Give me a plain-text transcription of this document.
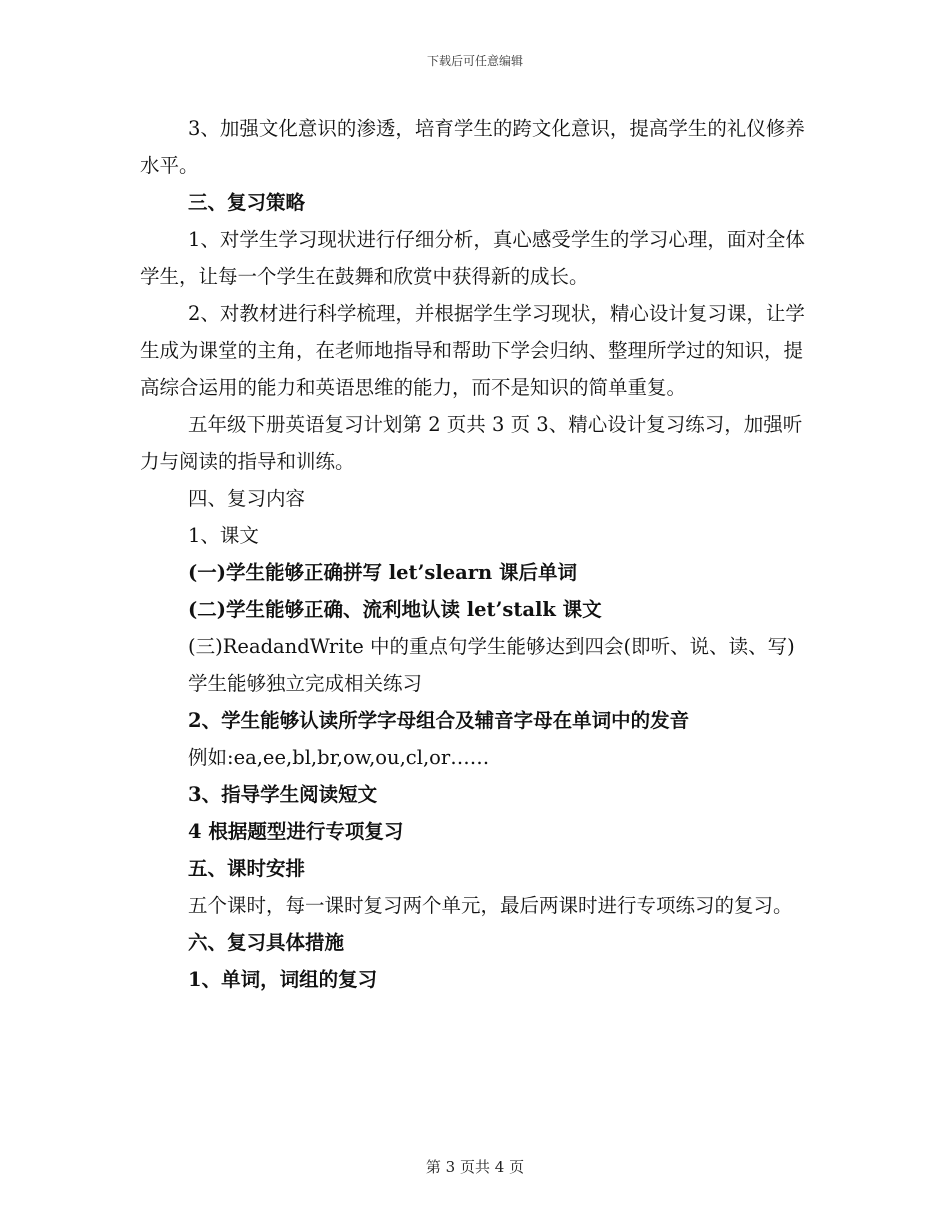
下载后可任意编辑

3、加强文化意识的渗透，培育学生的跨文化意识，提高学生的礼仪修养水平。

三、复习策略

1、对学生学习现状进行仔细分析，真心感受学生的学习心理，面对全体学生，让每一个学生在鼓舞和欣赏中获得新的成长。

2、对教材进行科学梳理，并根据学生学习现状，精心设计复习课，让学生成为课堂的主角，在老师地指导和帮助下学会归纳、整理所学过的知识，提高综合运用的能力和英语思维的能力，而不是知识的简单重复。

五年级下册英语复习计划第 2 页共 3 页 3、精心设计复习练习，加强听力与阅读的指导和训练。

四、复习内容

1、课文

(一)学生能够正确拼写 let’slearn 课后单词

(二)学生能够正确、流利地认读 let’stalk 课文

(三)ReadandWrite 中的重点句学生能够达到四会(即听、说、读、写)

学生能够独立完成相关练习

2、学生能够认读所学字母组合及辅音字母在单词中的发音

例如:ea,ee,bl,br,ow,ou,cl,or……

3、指导学生阅读短文

4 根据题型进行专项复习

五、课时安排

五个课时，每一课时复习两个单元，最后两课时进行专项练习的复习。

六、复习具体措施

1、单词，词组的复习

第 3 页共 4 页
